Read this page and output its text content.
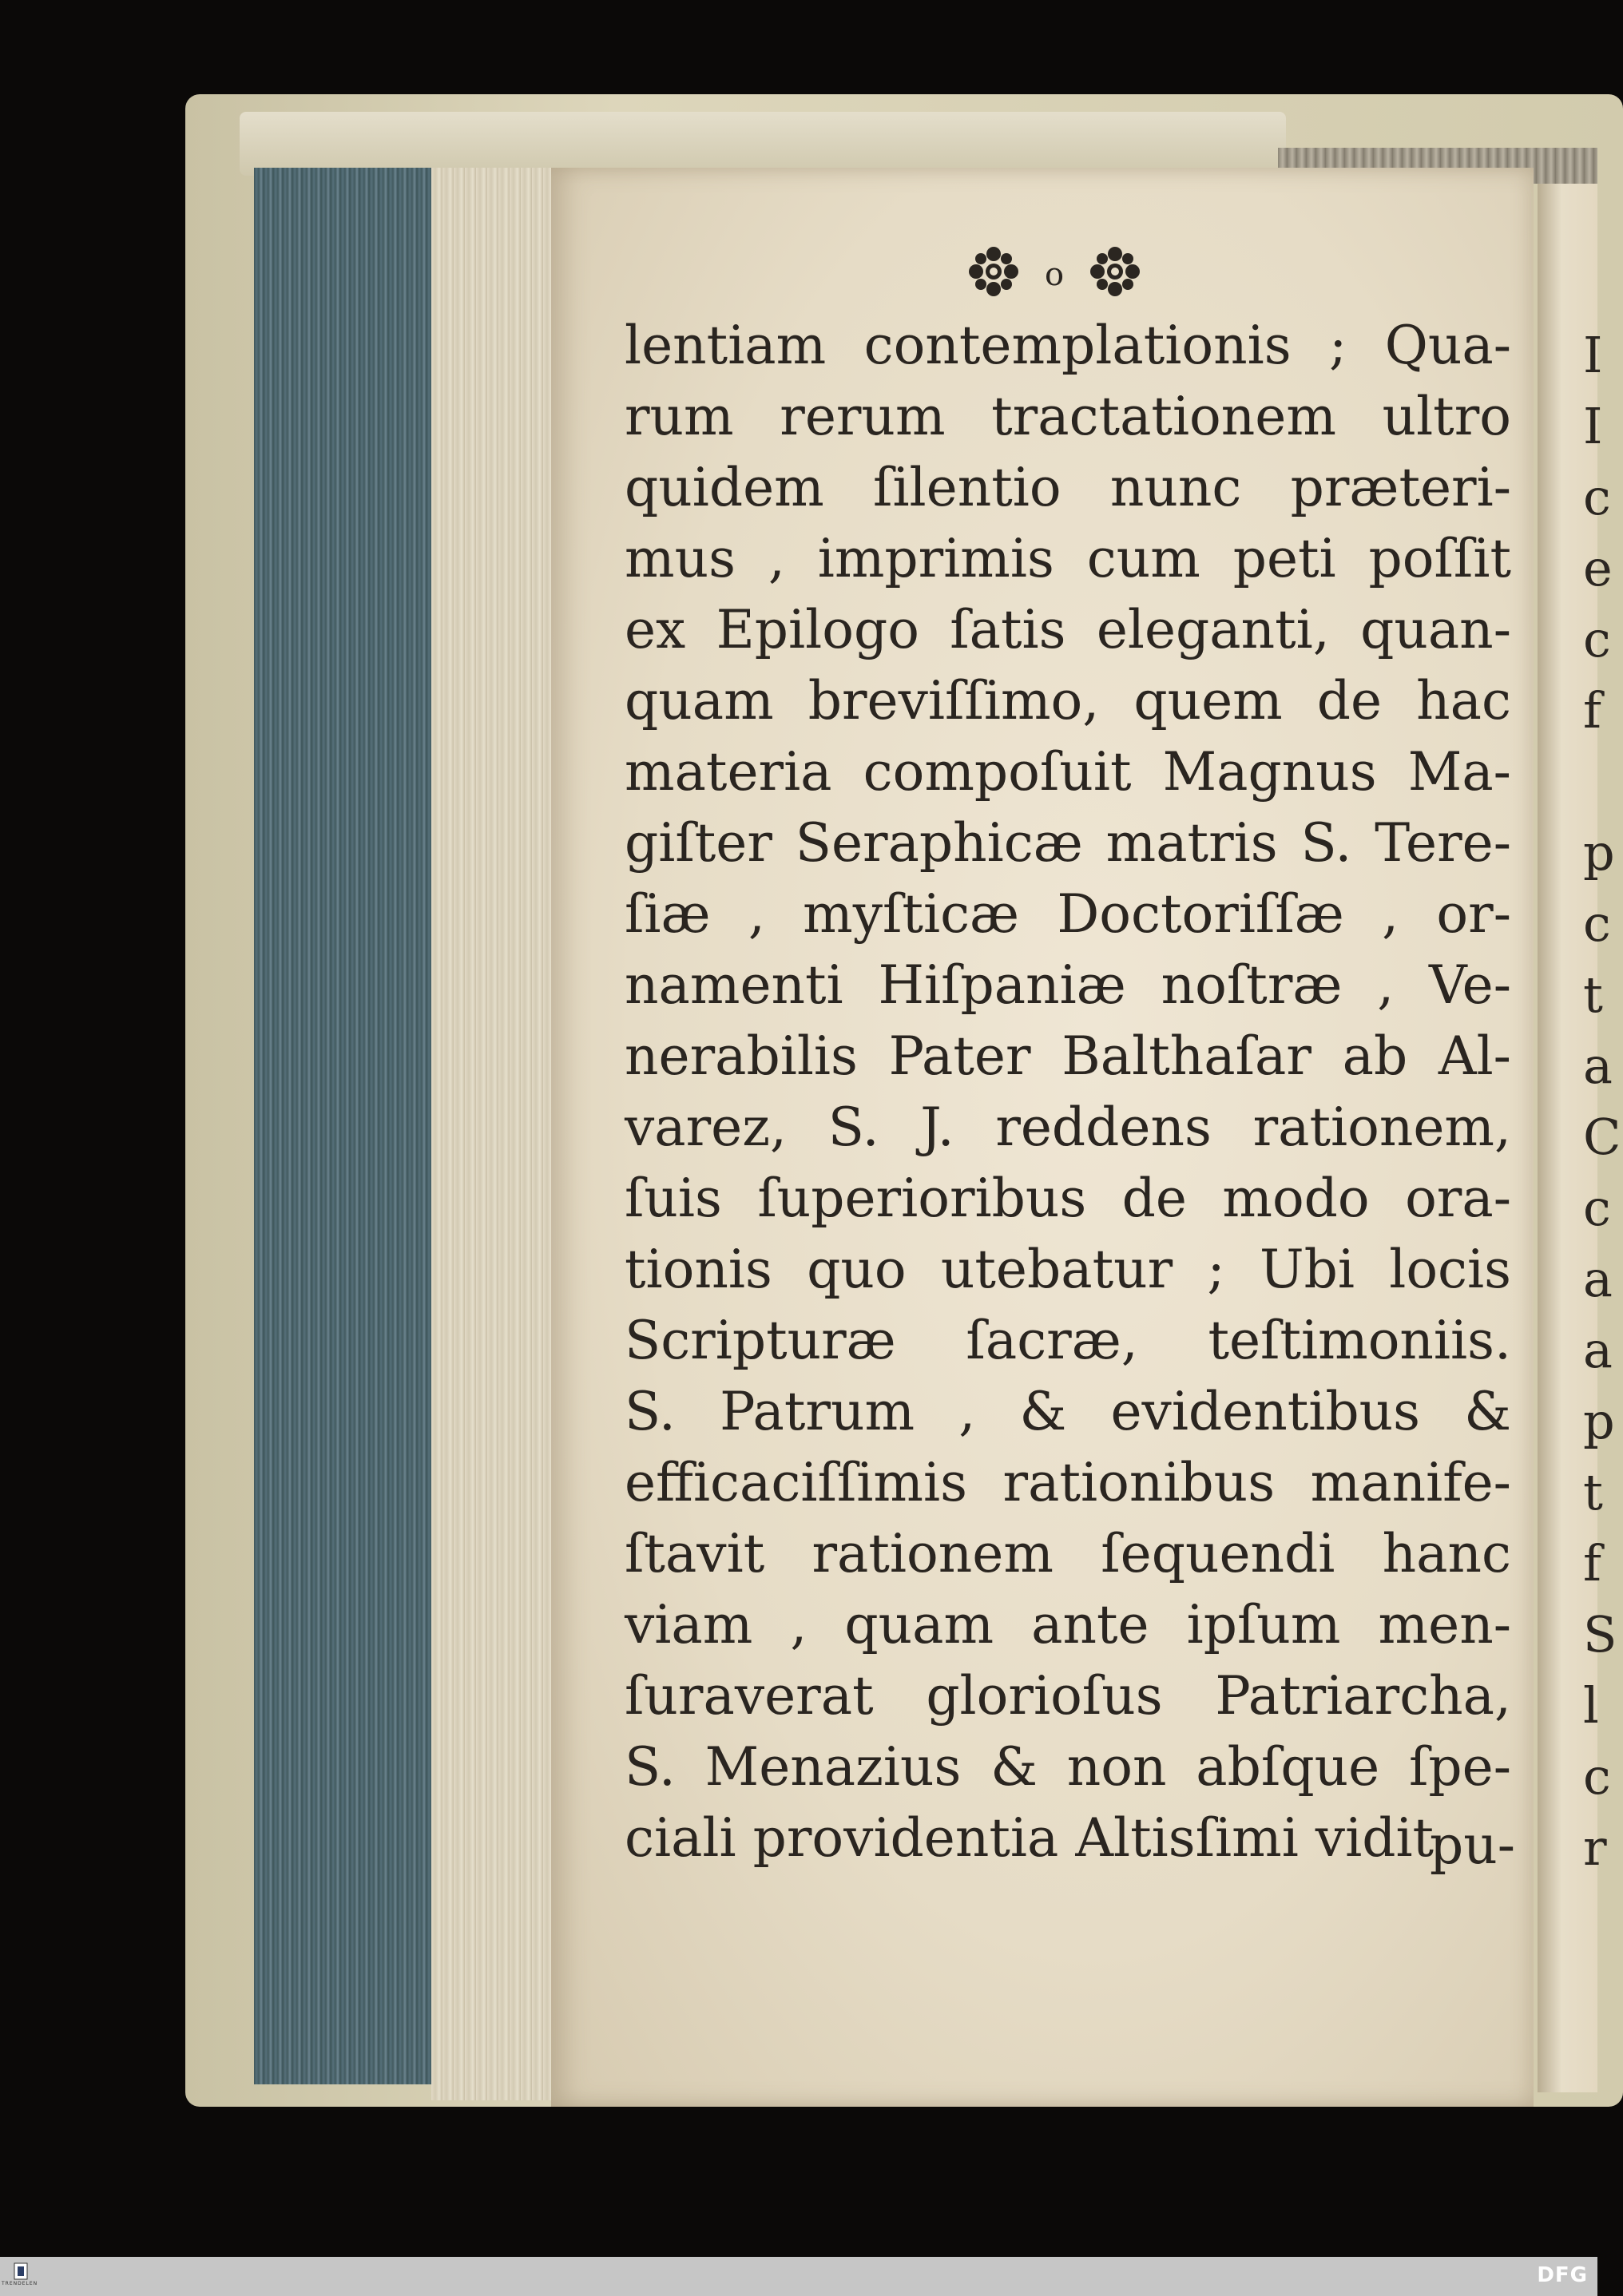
I
I
c
e
c
f
p
c
t
a
C
c
a
a
p
t
f
S
l
c
r
o
lentiam contemplationis ; Qua-
rum rerum tractationem ultro
quidem ſilentio nunc præteri-
mus , imprimis cum peti poſſit
ex Epilogo ſatis eleganti, quan-
quam breviſſimo, quem de hac
materia compoſuit Magnus Ma-
giſter Seraphicæ matris S. Tere-
ſiæ , myſticæ Doctoriſſæ , or-
namenti Hiſpaniæ noſtræ , Ve-
nerabilis Pater Balthaſar ab Al-
varez, S. J. reddens rationem,
ſuis ſuperioribus de modo ora-
tionis quo utebatur ; Ubi locis
Scripturæ ſacræ, teſtimoniis.
S. Patrum , & evidentibus &
efficaciſſimis rationibus manife-
ſtavit rationem ſequendi hanc
viam , quam ante ipſum men-
ſuraverat glorioſus Patriarcha,
S. Menazius & non abſque ſpe-
ciali providentia Altisſimi vidit
pu-
TRENDELEN	DFG
